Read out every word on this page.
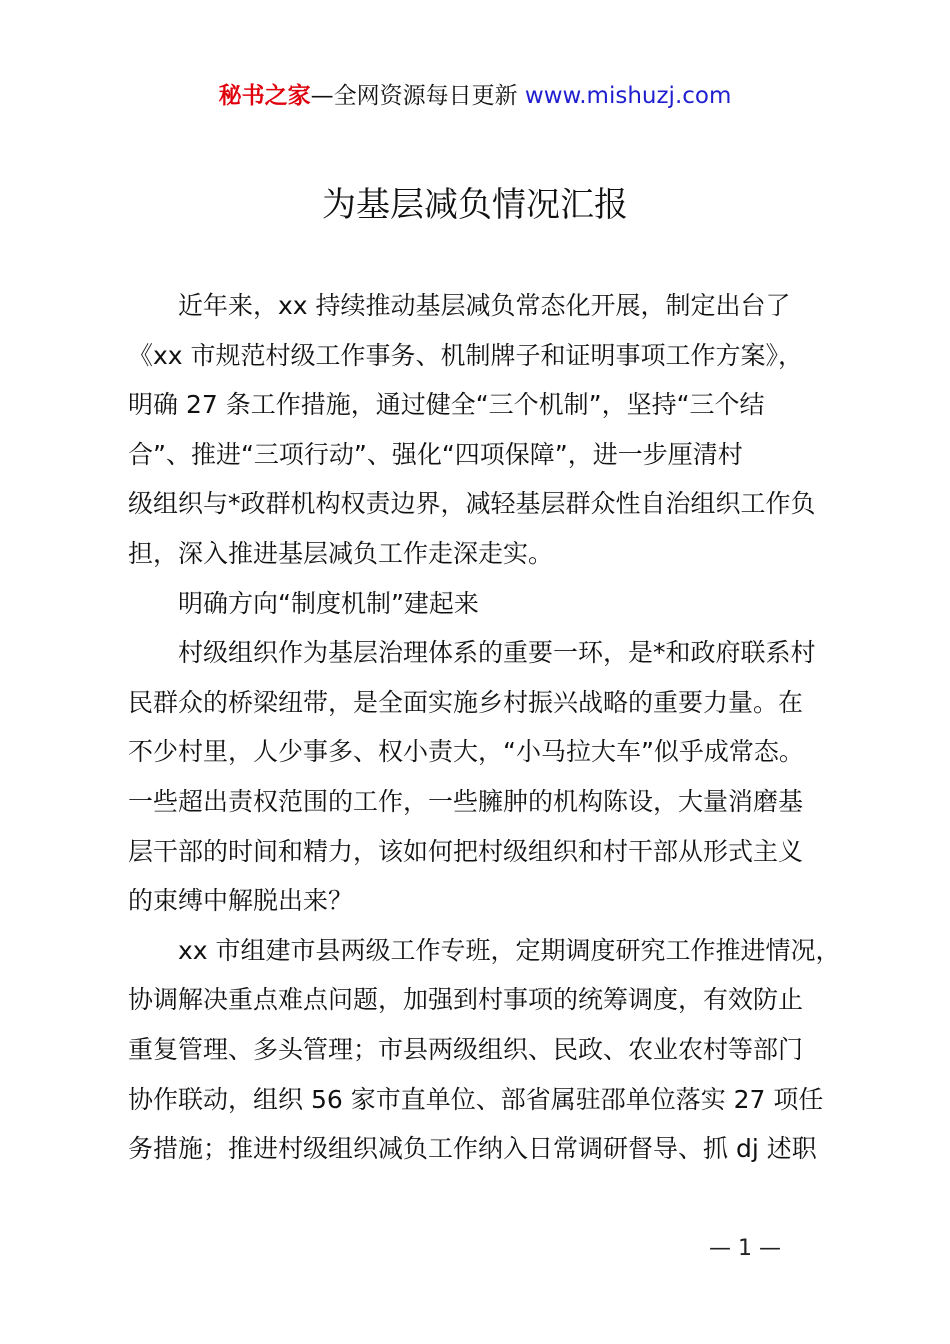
秘书之家—全网资源每日更新 www.mishuzj.com
为基层减负情况汇报
近年来，xx 持续推动基层减负常态化开展，制定出台了
《xx 市规范村级工作事务、机制牌子和证明事项工作方案》，
明确 27 条工作措施，通过健全“三个机制”，坚持“三个结
合”、推进“三项行动”、强化“四项保障”，进一步厘清村
级组织与*政群机构权责边界，减轻基层群众性自治组织工作负
担，深入推进基层减负工作走深走实。
明确方向“制度机制”建起来
村级组织作为基层治理体系的重要一环，是*和政府联系村
民群众的桥梁纽带，是全面实施乡村振兴战略的重要力量。在
不少村里，人少事多、权小责大，“小马拉大车”似乎成常态。
一些超出责权范围的工作，一些臃肿的机构陈设，大量消磨基
层干部的时间和精力，该如何把村级组织和村干部从形式主义
的束缚中解脱出来？
xx 市组建市县两级工作专班，定期调度研究工作推进情况，
协调解决重点难点问题，加强到村事项的统筹调度，有效防止
重复管理、多头管理；市县两级组织、民政、农业农村等部门
协作联动，组织 56 家市直单位、部省属驻邵单位落实 27 项任
务措施；推进村级组织减负工作纳入日常调研督导、抓 dj 述职
— 1 —
